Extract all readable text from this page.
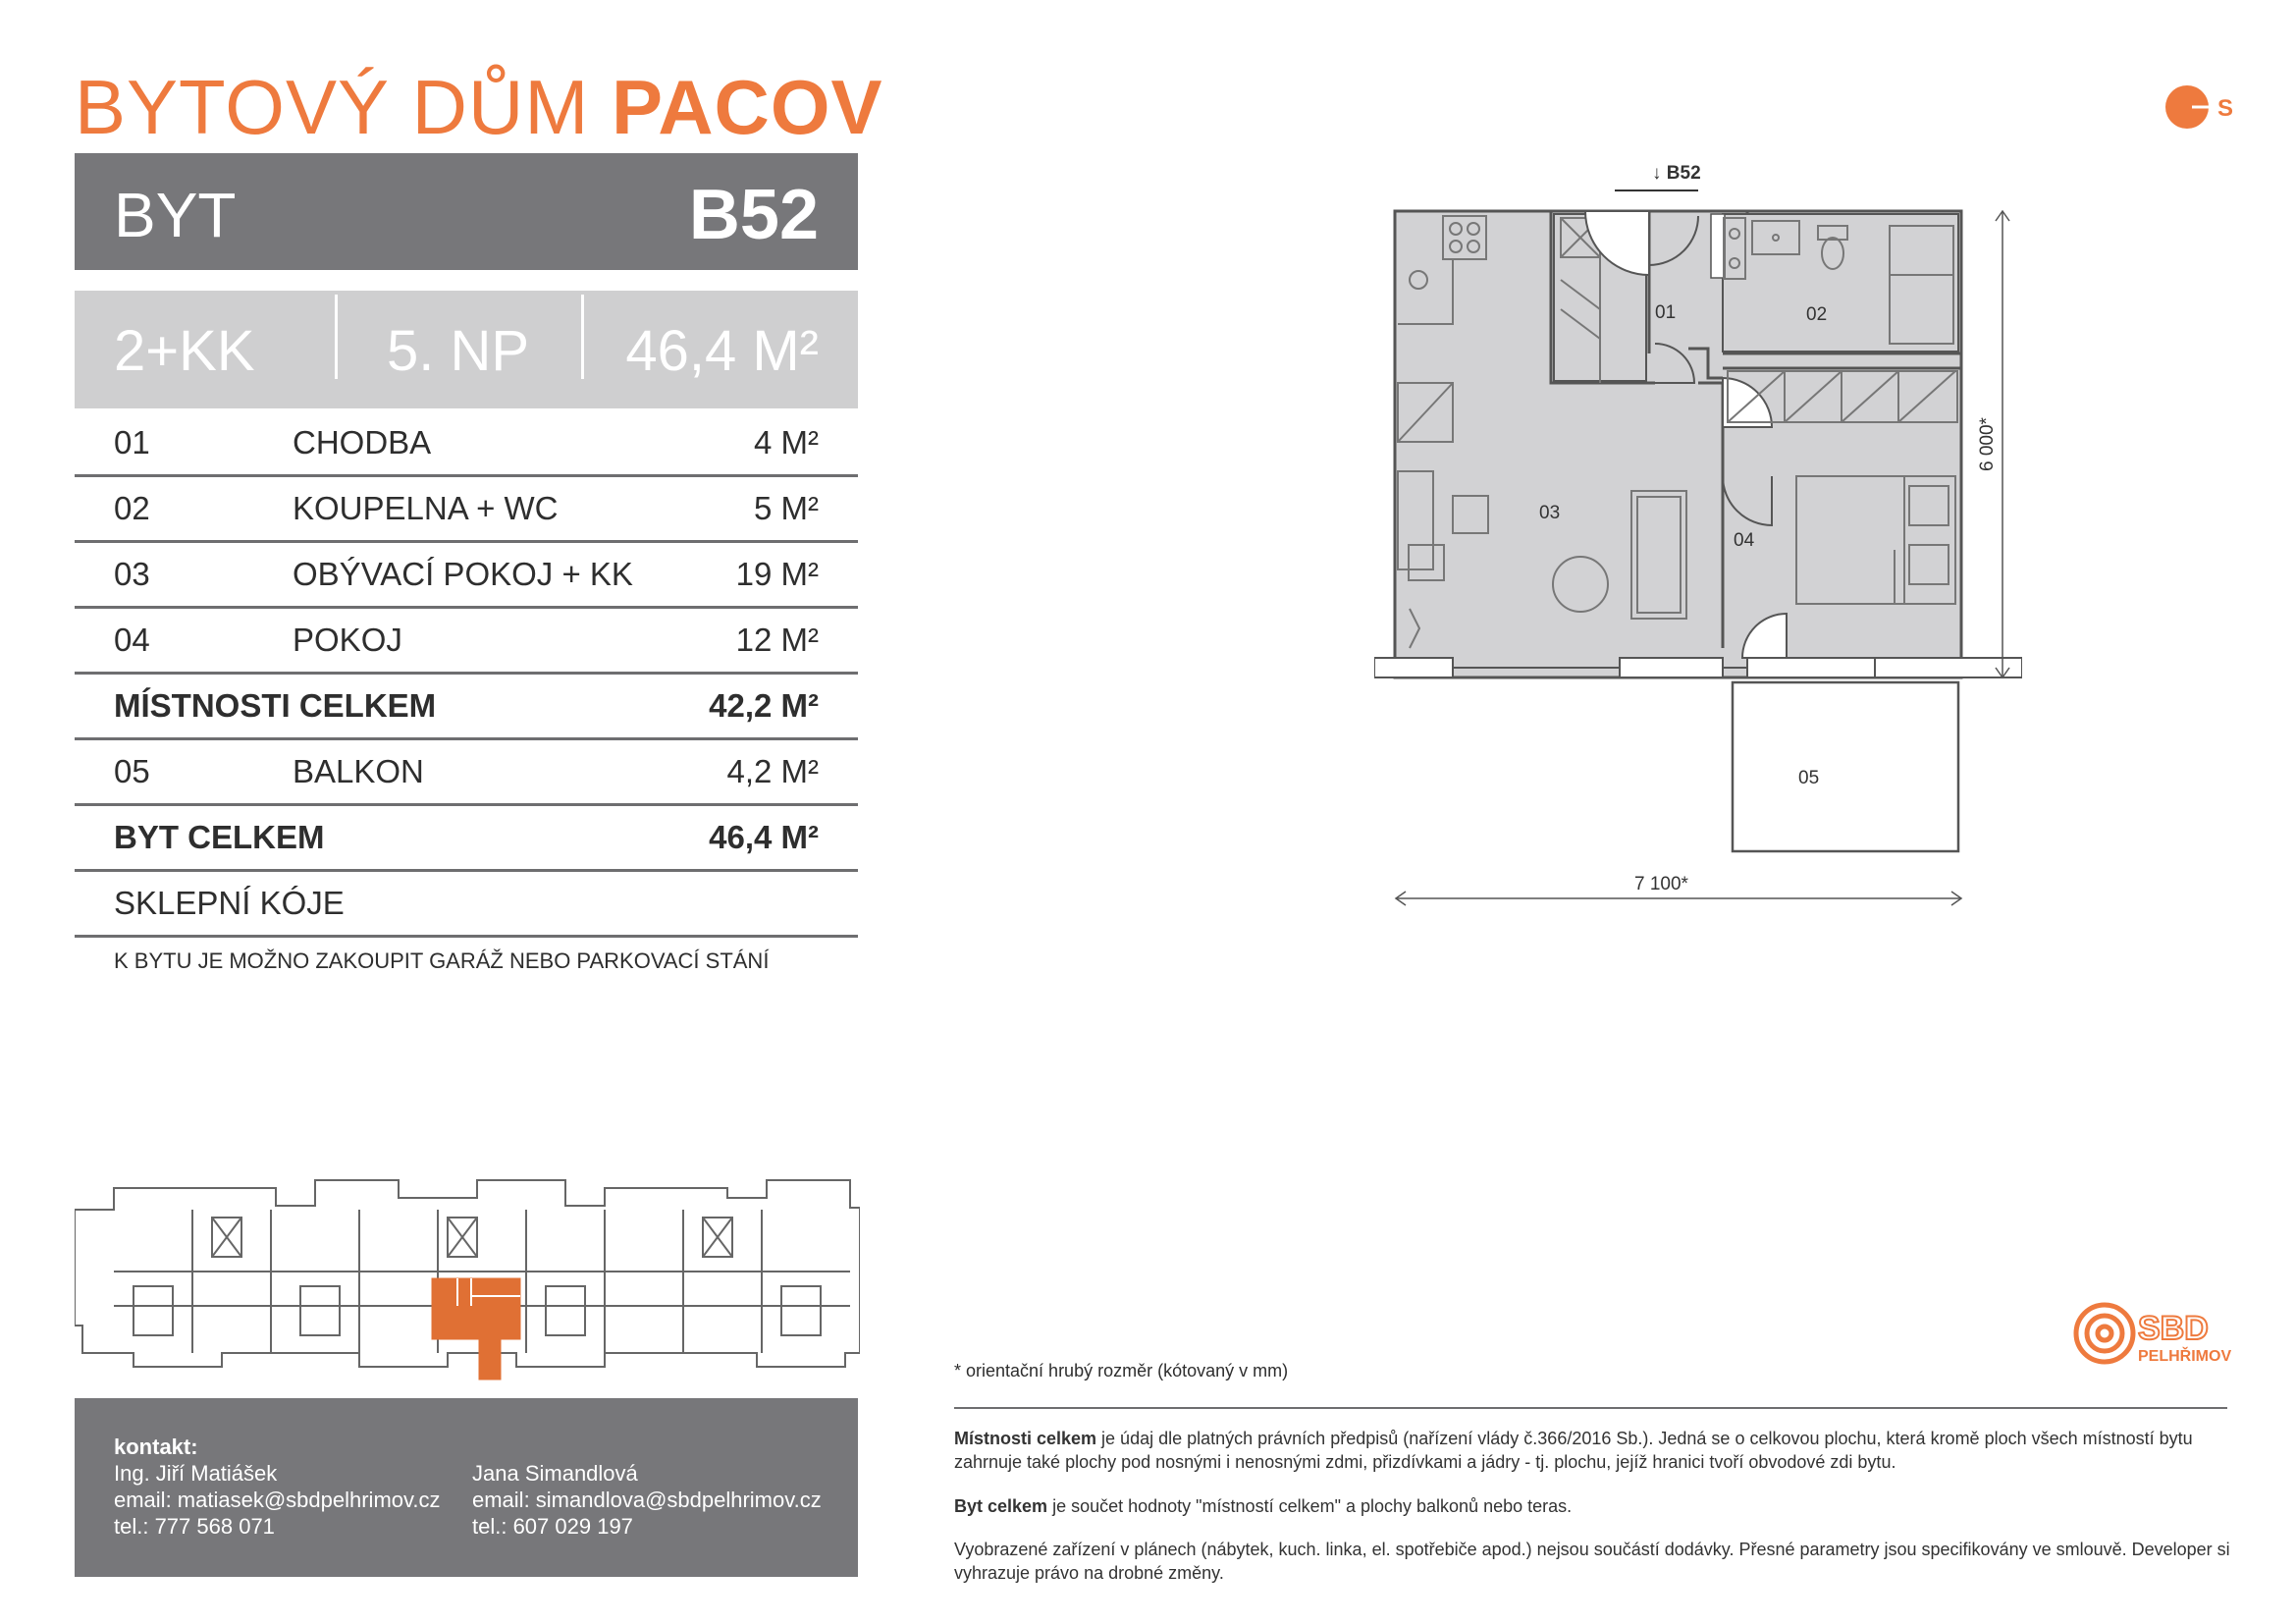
BYTOVÝ DŮM PACOV
BYT	B52
2+KK 5. NP 46,4 M²
01	CHODBA	4 M²
02	KOUPELNA + WC	5 M²
03	OBÝVACÍ POKOJ + KK	19 M²
04	POKOJ	12 M²
MÍSTNOSTI CELKEM	42,2 M²
05	BALKON	4,2 M²
BYT CELKEM	46,4 M²
SKLEPNÍ KÓJE
K BYTU JE MOŽNO ZAKOUPIT GARÁŽ NEBO PARKOVACÍ STÁNÍ
kontakt:
Ing. Jiří Matiášek
email: matiasek@sbdpelhrimov.cz
tel.: 777 568 071
Jana Simandlová
email: simandlova@sbdpelhrimov.cz
tel.: 607 029 197
S
↓ B52
01	02
03
04
05
7 100*
6 000*
SBD
PELHŘIMOV
* orientační hrubý rozměr (kótovaný v mm)
Místnosti celkem je údaj dle platných právních předpisů (nařízení vlády č.366/2016 Sb.). Jedná se o celkovou plochu, která kromě ploch všech místností bytu zahrnuje také plochy pod nosnými i nenosnými zdmi, přizdívkami a jádry - tj. plochu, jejíž hranici tvoří obvodové zdi bytu.
Byt celkem je součet hodnoty "místností celkem" a plochy balkonů nebo teras.
Vyobrazené zařízení v plánech (nábytek, kuch. linka, el. spotřebiče apod.) nejsou součástí dodávky. Přesné parametry jsou specifikovány ve smlouvě. Developer si vyhrazuje právo na drobné změny.
